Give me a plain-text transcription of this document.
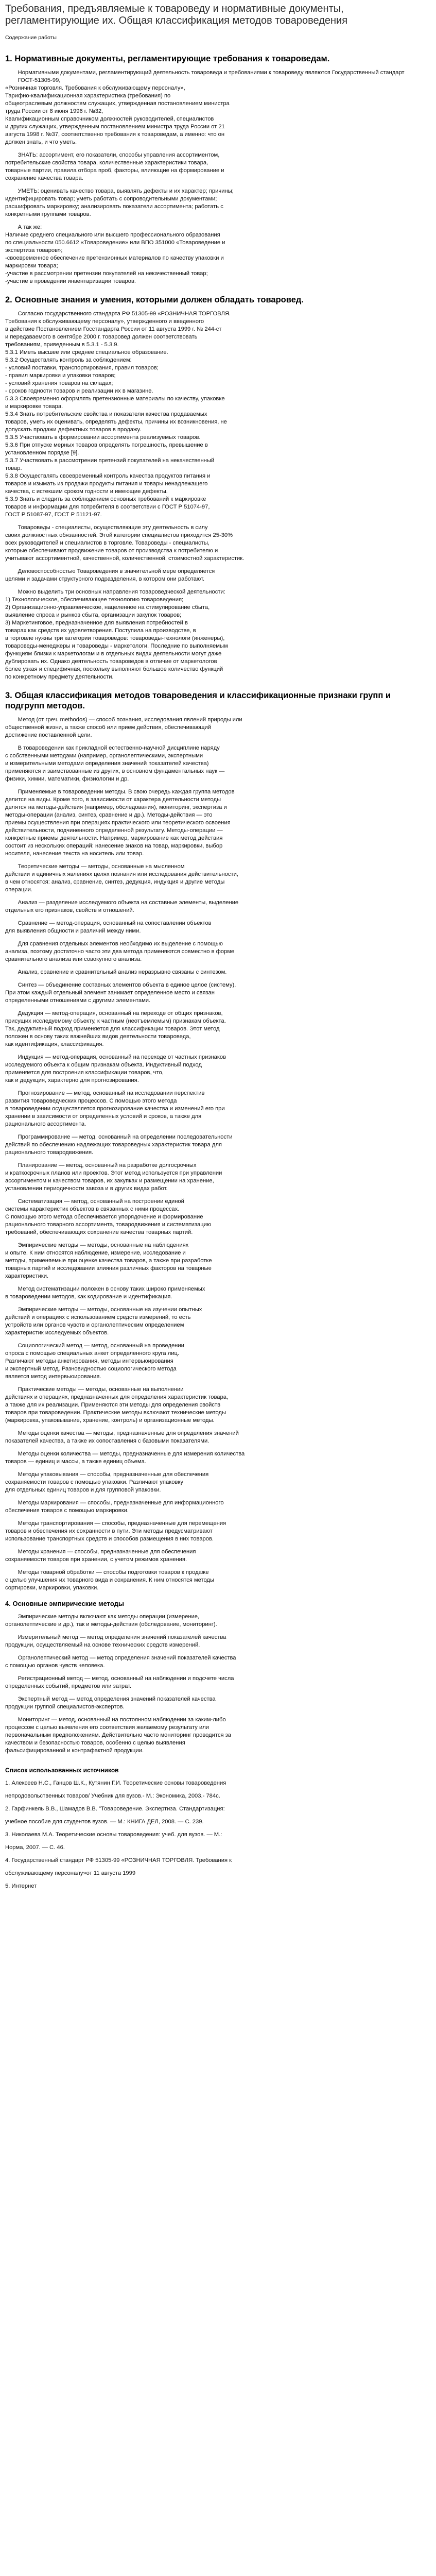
Требования, предъявляемые к товароведу и нормативные документы, регламентирующие их. Общая классификация методов товароведения
Содержание работы
1. Нормативные документы, регламентирующие требования к товароведам.
Нормативными документами, регламентирующий деятельность товароведа и требованиями к товароведу являются Государственный стандарт ГОСТ-51305-99,
«Розничная торговля. Требования к обслуживающему персоналу»,
Тарифно-квалификационная характеристика (требования) по
общеотраслевым должностям служащих, утвержденная постановлением министра
труда России от 8 июня 1996 г. №32,
Квалификационным справочником должностей руководителей, специалистов
и других служащих, утвержденным постановлением министра труда России от 21
августа 1998 г. №37, соответственно требования к товароведам, а именно: что он
должен знать, и что уметь.
ЗНАТЬ: ассортимент, его показатели, способы управления ассортиментом,
потребительские свойства товара, количественные характеристики товара,
товарные партии, правила отбора проб, факторы, влияющие на формирование и
сохранение качества товара.
УМЕТЬ: оценивать качество товара, выявлять дефекты и их характер; причины;
идентифицировать товар; уметь работать с сопроводительными документами;
расшифровать маркировку; анализировать показатели ассортимента; работать с
конкретными группами товаров.
А так же:
Наличие среднего специального или высшего профессионального образования
по специальности 050.6612 «Товароведение» или ВПО 351000 «Товароведение и
экспертиза товаров»;
-своевременное обеспечение претензионных материалов по качеству упаковки и
маркировки товара;
-участие в рассмотрении претензии покупателей на некачественный товар;
-участие в проведении инвентаризации товаров.
2. Основные знания и умения, которыми должен обладать товаровед.
Согласно государственного стандарта РФ 51305-99 «РОЗНИЧНАЯ ТОРГОВЛЯ.
Требования к обслуживающему персоналу», утвержденного и введенного
в действие Постановлением Госстандарта России от 11 августа 1999 г. № 244-ст
и передаваемого в сентябре 2000 г. товаровед должен соответствовать
требованиям, приведенным в 5.3.1 - 5.3.9.
5.3.1 Иметь высшее или среднее специальное образование.
5.3.2 Осуществлять контроль за соблюдением:
- условий поставки, транспортирования, правил товаров;
- правил маркировки и упаковки товаров;
- условий хранения товаров на складах;
- сроков годности товаров и реализации их в магазине.
5.3.3 Своевременно оформлять претензионные материалы по качеству, упаковке
и маркировке товара.
5.3.4 Знать потребительские свойства и показатели качества продаваемых
товаров, уметь их оценивать, определять дефекты, причины их возникновения, не
допускать продажи дефектных товаров в продажу.
5.3.5 Участвовать в формировании ассортимента реализуемых товаров.
5.3.6 При отпуске мерных товаров определять погрешность, превышение в
установленном порядке [9].
5.3.7 Участвовать в рассмотрении претензий покупателей на некачественный
товар.
5.3.8 Осуществлять своевременный контроль качества продуктов питания и
товаров и изымать из продажи продукты питания и товары ненадлежащего
качества, с истекшим сроком годности и имеющие дефекты.
5.3.9 Знать и следить за соблюдением основных требований к маркировке
товаров и информации для потребителя в соответствии с ГОСТ Р 51074-97,
ГОСТ Р 51087-97, ГОСТ Р 51121-97.
Товароведы - специалисты, осуществляющие эту деятельность в силу
своих должностных обязанностей. Этой категории специалистов приходится 25-30%
всех руководителей и специалистов в торговле. Товароведы - специалисты,
которые обеспечивают продвижение товаров от производства к потребителю и
учитывают ассортиментной, качественной, количественной, стоимостной характеристик.
Деловоспособностью Товароведения в значительной мере определяется
целями и задачами структурного подразделения, в котором они работают.
Можно выделить три основных направления товароведческой деятельности:
1) Технологическое, обеспечивающее технологию товароведения;
2) Организационно-управленческое, нацеленное на стимулирование сбыта,
выявление спроса и рынков сбыта, организации закупок товаров;
3) Маркетинговое, предназначенное для выявления потребностей в
товарах как средств их удовлетворения. Поступила на производстве, в
в торговле нужны три категории товароведов: товароведы-технологи (инженеры),
товароведы-менеджеры и товароведы - маркетологи. Последние по выполняемым
функциям близки к маркетологам и в отдельных видах деятельности могут даже
дублировать их. Однако деятельность товароведов в отличие от маркетологов
более узкая и специфичная, поскольку выполняют большое количество функций
по конкретному предмету деятельности.
3. Общая классификация методов товароведения и классификационные признаки групп и подгрупп методов.
Метод (от греч. methodos) — способ познания, исследования явлений природы или
общественной жизни, а также способ или прием действия, обеспечивающий
достижение поставленной цели.
В товароведении как прикладной естественно-научной дисциплине наряду
с собственными методами (например, органолептическими, экспертными
и измерительными методами определения значений показателей качества)
применяются и заимствованные из других, в основном фундаментальных наук —
физики, химии, математики, физиологии и др.
Применяемые в товароведении методы. В свою очередь каждая группа методов
делится на виды. Кроме того, в зависимости от характера деятельности методы
делятся на методы-действия (например, обследования), мониторинг, экспертиза и
методы-операции (анализ, синтез, сравнение и др.). Методы-действия — это
приемы осуществления при операциях практического или теоретического освоения
действительности, подчиненного определенной результату. Методы-операции —
конкретные приемы деятельности. Например, маркирование как метод действия
состоит из нескольких операций: нанесение знаков на товар, маркировки, выбор
носителя, нанесение текста на носитель или товар.
Теоретические методы — методы, основанные на мысленном
действии и единичных явлениях целях познания или исследования действительности,
в чем относятся: анализ, сравнение, синтез, дедукция, индукция и другие методы
операции.
Анализ — разделение исследуемого объекта на составные элементы, выделение
отдельных его признаков, свойств и отношений.
Сравнение — метод-операция, основанный на сопоставлении объектов
для выявления общности и различий между ними.
Для сравнения отдельных элементов необходимо их выделение с помощью
анализа, поэтому достаточно часто эти два метода применяются совместно в форме
сравнительного анализа или совокупного анализа.
Анализ, сравнение и сравнительный анализ неразрывно связаны с синтезом.
Синтез — объединение составных элементов объекта в единое целое (систему).
При этом каждый отдельный элемент занимает определенное место и связан
определенными отношениями с другими элементами.
Дедукция — метод-операция, основанный на переходе от общих признаков,
присущих исследуемому объекту, к частным (неотъемлемым) признакам объекта.
Так, дедуктивный подход применяется для классификации товаров. Этот метод
положен в основу таких важнейших видов деятельности товароведа,
как идентификация, классификация.
Индукция — метод-операция, основанный на переходе от частных признаков
исследуемого объекта к общим признакам объекта. Индуктивный подход
применяется для построения классификации товаров, что,
как и дедукция, характерно для прогнозирования.
Прогнозирование — метод, основанный на исследовании перспектив
развития товароведческих процессов. С помощью этого метода
в товароведении осуществляется прогнозирование качества и изменений его при
хранении в зависимости от определенных условий и сроков, а также для
рационального ассортимента.
Программирование — метод, основанный на определении последовательности
действий по обеспечению надлежащих товароведных характеристик товара для
рационального товародвижения.
Планирование — метод, основанный на разработке долгосрочных
и краткосрочных планов или проектов. Этот метод используется при управлении
ассортиментом и качеством товаров, их закупках и размещении на хранение,
установлении периодичности завоза и в других видах работ.
Систематизация — метод, основанный на построении единой
системы характеристик объектов в связанных с ними процессах.
С помощью этого метода обеспечивается упорядочение и формирование
рационального товарного ассортимента, товародвижения и систематизацию
требований, обеспечивающих сохранение качества товарных партий.
Эмпирические методы — методы, основанные на наблюдениях
и опыте. К ним относятся наблюдение, измерение, исследование и
методы, применяемые при оценке качества товаров, а также при разработке
товарных партий и исследовании влияния различных факторов на товарные
характеристики.
Метод систематизации положен в основу таких широко применяемых
в товароведении методов, как кодирование и идентификация.
Эмпирические методы — методы, основанные на изучении опытных
действий и операциях с использованием средств измерений, то есть
устройств или органов чувств и органолептическим определением
характеристик исследуемых объектов.
Социологический метод — метод, основанный на проведении
опроса с помощью специальных анкет определенного круга лиц.
Различают методы анкетирования, методы интервьюирования
и экспертный метод. Разновидностью социологического метода
является метод интервьюирования.
Практические методы — методы, основанные на выполнении
действиях и операциях, предназначенных для определения характеристик товара,
а также для их реализации. Применяются эти методы для определения свойств
товаров при товароведении. Практические методы включают технические методы
(маркировка, упаковывание, хранение, контроль) и организационные методы.
Методы оценки качества — методы, предназначенные для определения значений
показателей качества, а также их сопоставления с базовыми показателями.
Методы оценки количества — методы, предназначенные для измерения количества
товаров — единиц и массы, а также единиц объема.
Методы упаковывания — способы, предназначенные для обеспечения
сохраняемости товаров с помощью упаковки. Различают упаковку
для отдельных единиц товаров и для групповой упаковки.
Методы маркирования — способы, предназначенные для информационного
обеспечения товаров с помощью маркировки.
Методы транспортирования — способы, предназначенные для перемещения
товаров и обеспечения их сохранности в пути. Эти методы предусматривают
использование транспортных средств и способов размещения в них товаров.
Методы хранения — способы, предназначенные для обеспечения
сохраняемости товаров при хранении, с учетом режимов хранения.
Методы товарной обработки — способы подготовки товаров к продаже
с целью улучшения их товарного вида и сохранения. К ним относятся методы
сортировки, маркировки, упаковки.
4. Основные эмпирические методы
Эмпирические методы включают как методы операции (измерение,
органолептические и др.), так и методы-действия (обследование, мониторинг).
Измерительный метод — метод определения значений показателей качества
продукции, осуществляемый на основе технических средств измерений.
Органолептический метод — метод определения значений показателей качества
с помощью органов чувств человека.
Регистрационный метод — метод, основанный на наблюдении и подсчете числа
определенных событий, предметов или затрат.
Экспертный метод — метод определения значений показателей качества
продукции группой специалистов-экспертов.
Мониторинг — метод, основанный на постоянном наблюдении за каким-либо
процессом с целью выявления его соответствия желаемому результату или
первоначальным предположениям. Действительно часто мониторинг проводится за
качеством и безопасностью товаров, особенно с целью выявления
фальсифицированной и контрафактной продукции.
Список использованных источников
1. Алексеев Н.С., Ганцов Ш.К., Кутянин Г.И. Теоретические основы товароведения
непродовольственных товаров/ Учебник для вузов.- М.: Экономика, 2003.- 784с.
2. Гарфинкель В.В., Шамадов В.В. "Товароведение. Экспертиза. Стандартизация:
учебное пособие для студентов вузов. — М.: КНИГА ДЕЛ, 2008. — С. 239.
3. Николаева М.А. Теоретические основы товароведения: учеб. для вузов. — М.:
Норма, 2007. — С. 46.
4. Государственный стандарт РФ 51305-99 «РОЗНИЧНАЯ ТОРГОВЛЯ. Требования к
обслуживающему персоналу»от 11 августа 1999
5. Интернет
